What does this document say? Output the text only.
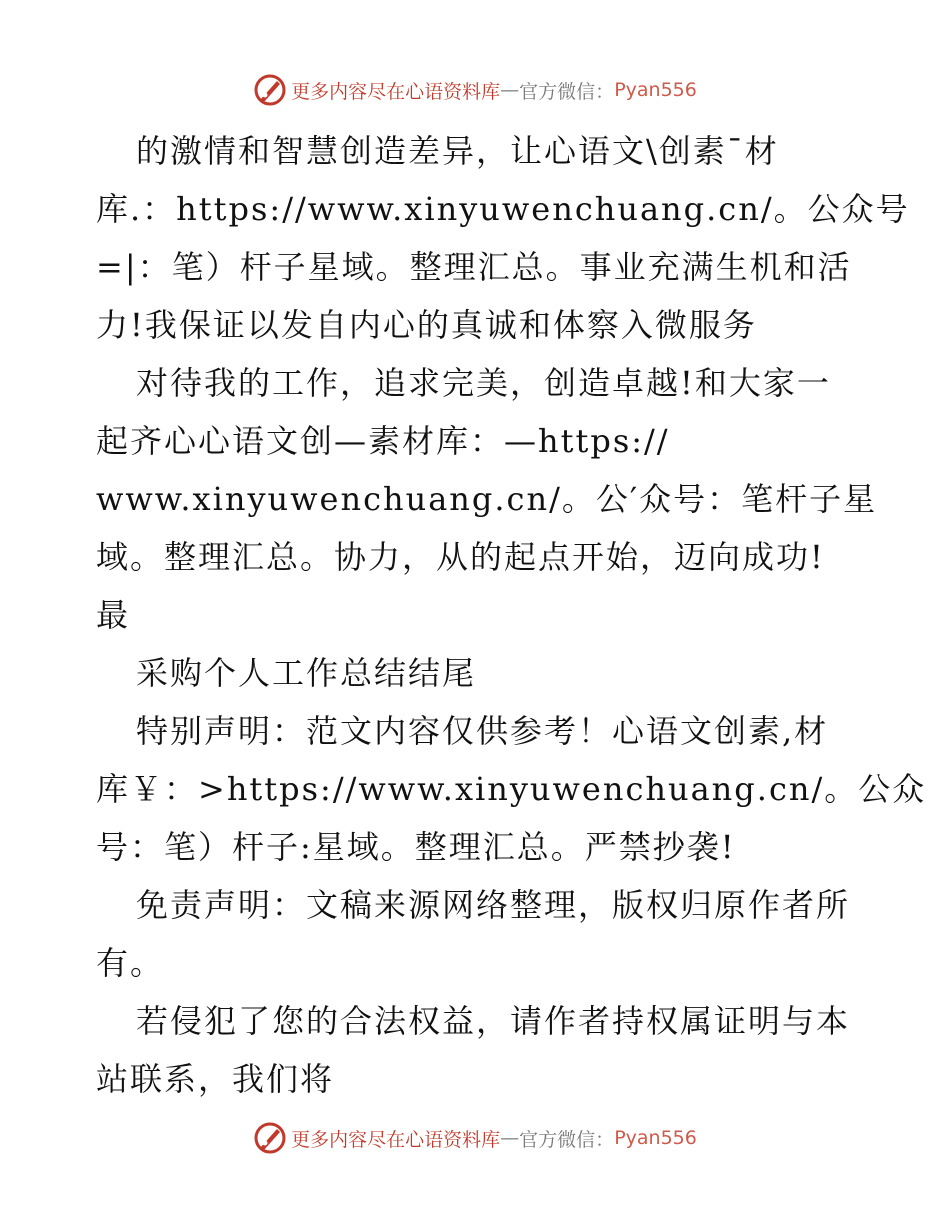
更多内容尽在心语资料库 — 官方微信： Pyan556
的激情和智慧创造差异，让心语文\创素¯材
库.：https://www.xinyuwenchuang.cn/。公众号
=|：笔）杆子星域。整理汇总。事业充满生机和活
力!我保证以发自内心的真诚和体察入微服务
对待我的工作，追求完美，创造卓越!和大家一
起齐心心语文创—素材库：—https://
www.xinyuwenchuang.cn/。公′众号：笔杆子星
域。整理汇总。协力，从的起点开始，迈向成功!
最
采购个人工作总结结尾
特别声明：范文内容仅供参考！心语文创素,材
库￥：>https://www.xinyuwenchuang.cn/。公众
号：笔）杆子:星域。整理汇总。严禁抄袭!
免责声明：文稿来源网络整理，版权归原作者所
有。
若侵犯了您的合法权益，请作者持权属证明与本
站联系，我们将
更多内容尽在心语资料库 — 官方微信： Pyan556
